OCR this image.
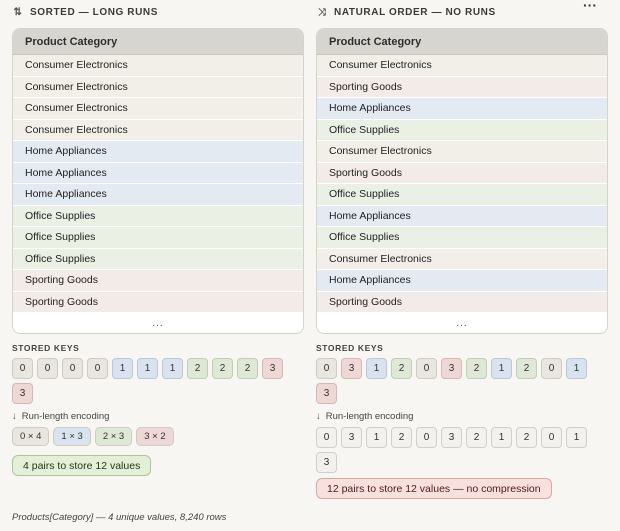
···
⇅ SORTED — LONG RUNS
Product Category
Consumer Electronics
Consumer Electronics
Consumer Electronics
Consumer Electronics
Home Appliances
Home Appliances
Home Appliances
Office Supplies
Office Supplies
Office Supplies
Sporting Goods
Sporting Goods
...
⤨ NATURAL ORDER — NO RUNS
Product Category
Consumer Electronics
Sporting Goods
Home Appliances
Office Supplies
Consumer Electronics
Sporting Goods
Office Supplies
Home Appliances
Office Supplies
Consumer Electronics
Home Appliances
Sporting Goods
...
STORED KEYS
0	0	0	0	1	1	1	2	2	2	3
3
↓ Run-length encoding
0 × 4	1 × 3	2 × 3	3 × 2
4 pairs to store 12 values
STORED KEYS
0	3	1	2	0	3	2	1	2	0	1
3
↓ Run-length encoding
0	3	1	2	0	3	2	1	2	0	1
3
12 pairs to store 12 values — no compression
Products[Category] — 4 unique values, 8,240 rows
